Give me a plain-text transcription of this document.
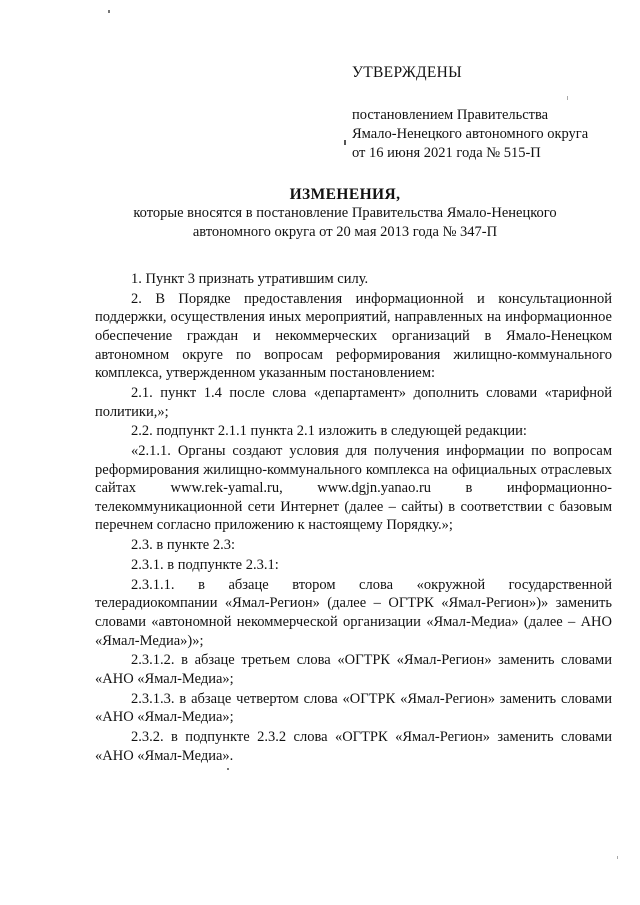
УТВЕРЖДЕНЫ
постановлением Правительства
Ямало-Ненецкого автономного округа
от 16 июня 2021 года № 515-П
ИЗМЕНЕНИЯ,
которые вносятся в постановление Правительства Ямало-Ненецкого
автономного округа от 20 мая 2013 года № 347-П

1. Пункт 3 признать утратившим силу.

2. В Порядке предоставления информационной и консультационной поддержки, осуществления иных мероприятий, направленных на информационное обеспечение граждан и некоммерческих организаций в Ямало-Ненецком автономном округе по вопросам реформирования жилищно-коммунального комплекса, утвержденном указанным постановлением:

2.1. пункт 1.4 после слова «департамент» дополнить словами «тарифной политики,»;

2.2. подпункт 2.1.1 пункта 2.1 изложить в следующей редакции:

«2.1.1. Органы создают условия для получения информации по вопросам реформирования жилищно-коммунального комплекса на официальных отраслевых сайтах www.rek-yamal.ru, www.dgjn.yanao.ru в информационно-телекоммуникационной сети Интернет (далее – сайты) в соответствии с базовым перечнем согласно приложению к настоящему Порядку.»;

2.3. в пункте 2.3:

2.3.1. в подпункте 2.3.1:

2.3.1.1. в абзаце втором слова «окружной государственной телерадиокомпании «Ямал-Регион» (далее – ОГТРК «Ямал-Регион»)» заменить словами «автономной некоммерческой организации «Ямал-Медиа» (далее – АНО «Ямал-Медиа»)»;

2.3.1.2. в абзаце третьем слова «ОГТРК «Ямал-Регион» заменить словами «АНО «Ямал-Медиа»;

2.3.1.3. в абзаце четвертом слова «ОГТРК «Ямал-Регион» заменить словами «АНО «Ямал-Медиа»;

2.3.2. в подпункте 2.3.2 слова «ОГТРК «Ямал-Регион» заменить словами «АНО «Ямал-Медиа».
